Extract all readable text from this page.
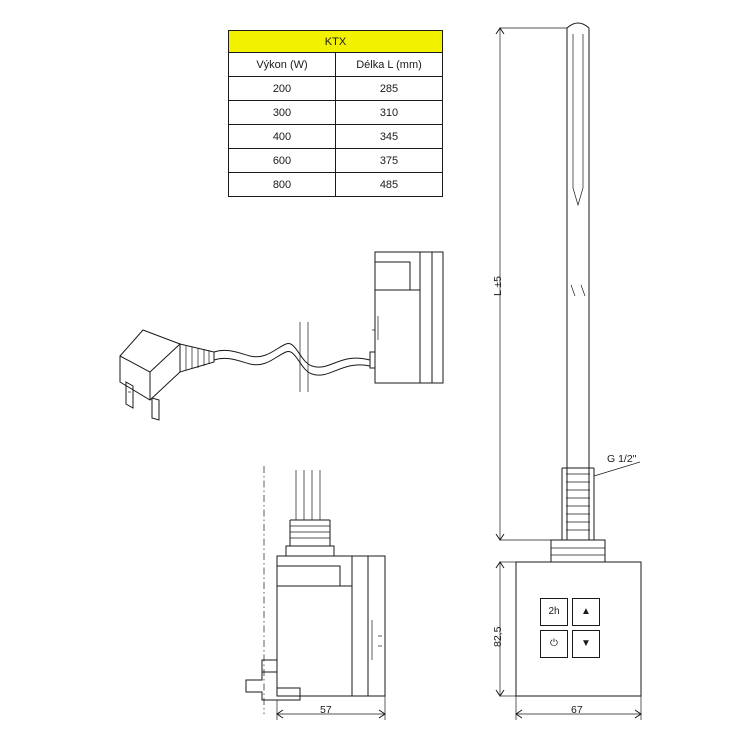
KTX	
Výkon (W)	Délka L (mm)
200	285
300	310
400	345
600	375
800	485
L ±5
G 1/2"
82,5
57	67
2h	▲
⏻	▼
